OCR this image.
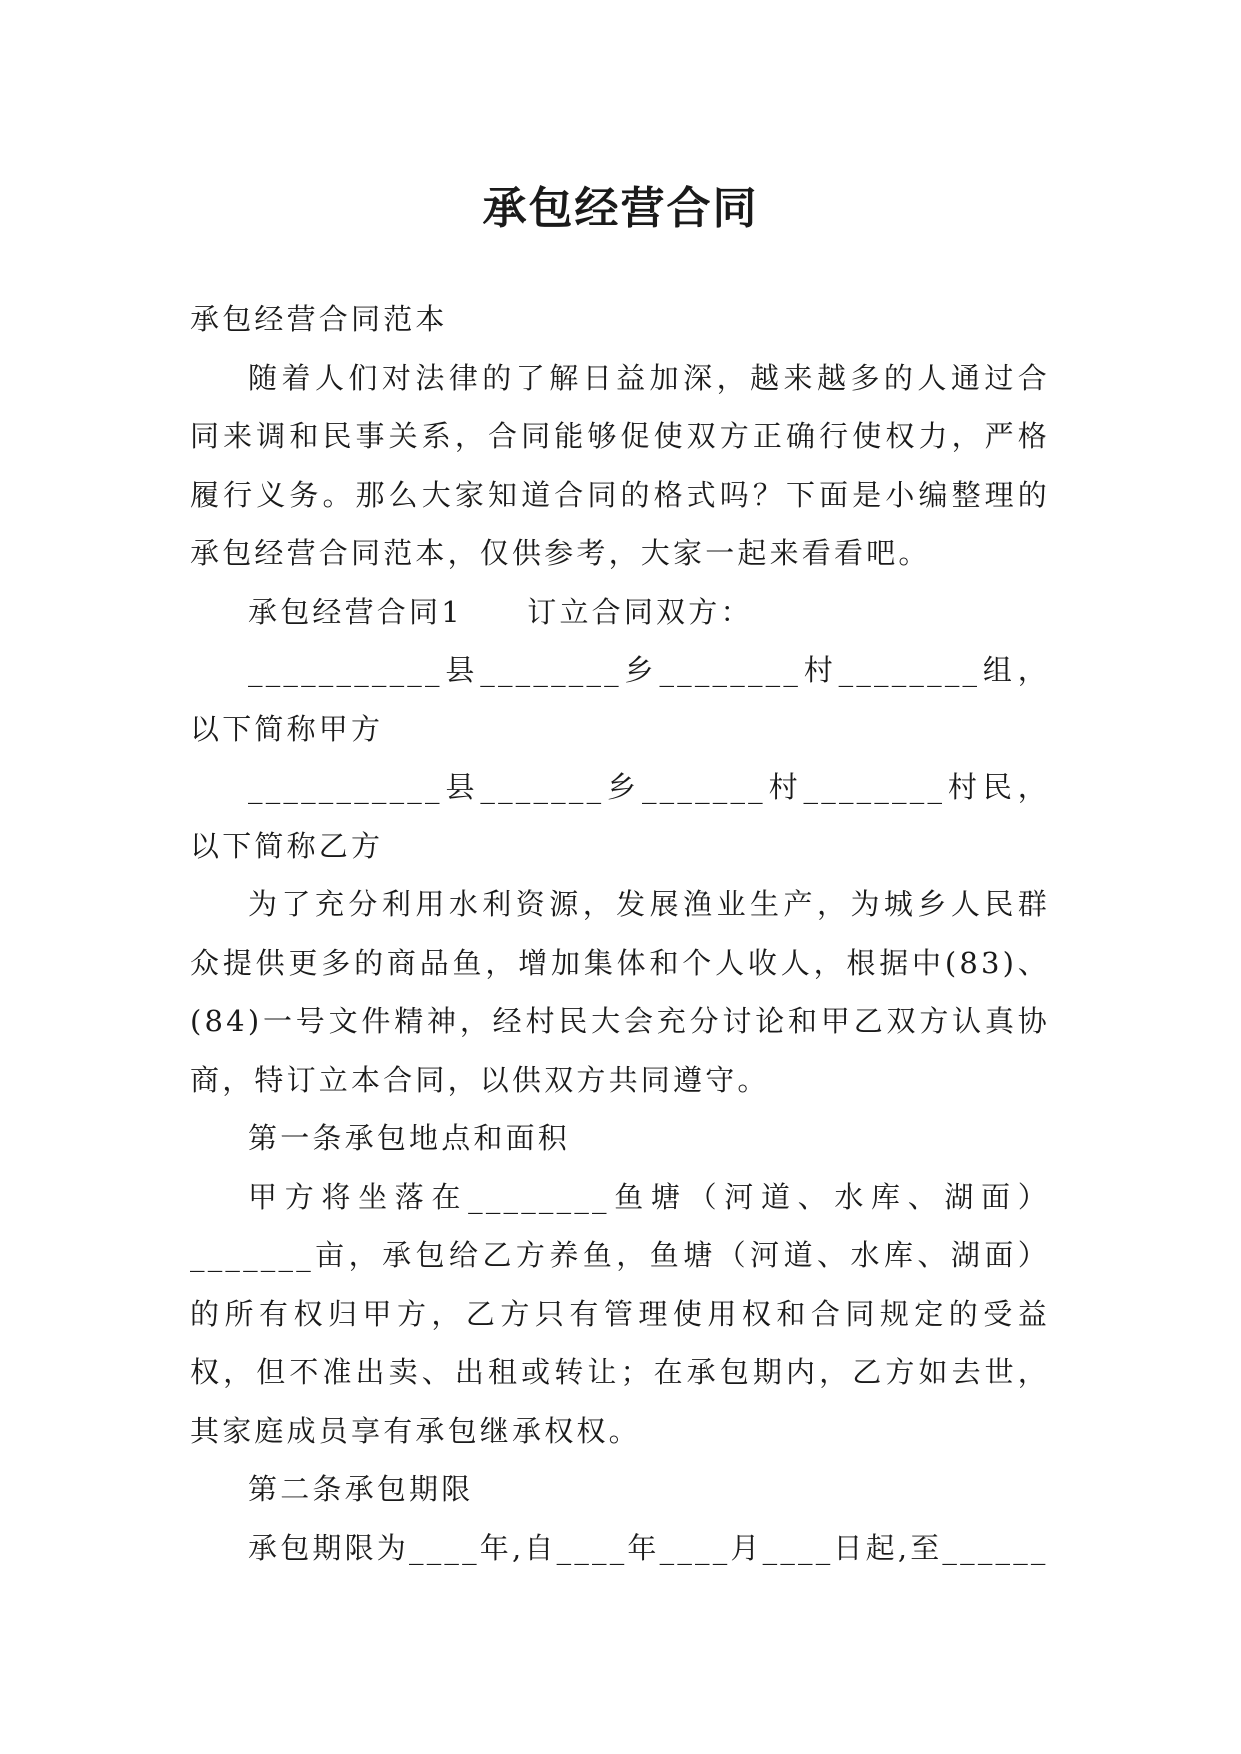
承包经营合同

承包经营合同范本

随着人们对法律的了解日益加深，越来越多的人通过合同来调和民事关系，合同能够促使双方正确行使权力，严格履行义务。那么大家知道合同的格式吗？下面是小编整理的承包经营合同范本，仅供参考，大家一起来看看吧。

承包经营合同1　　订立合同双方：

___________县________乡________村________组，以下简称甲方

___________县_______乡_______村________村民，以下简称乙方

为了充分利用水利资源，发展渔业生产，为城乡人民群众提供更多的商品鱼，增加集体和个人收人，根据中(83)、(84)一号文件精神，经村民大会充分讨论和甲乙双方认真协商，特订立本合同，以供双方共同遵守。

第一条承包地点和面积

甲方将坐落在________鱼塘（河道、水库、湖面）_______亩，承包给乙方养鱼，鱼塘（河道、水库、湖面）的所有权归甲方，乙方只有管理使用权和合同规定的受益权，但不准出卖、出租或转让；在承包期内，乙方如去世，其家庭成员享有承包继承权权。

第二条承包期限

承包期限为____年,自____年____月____日起,至______
